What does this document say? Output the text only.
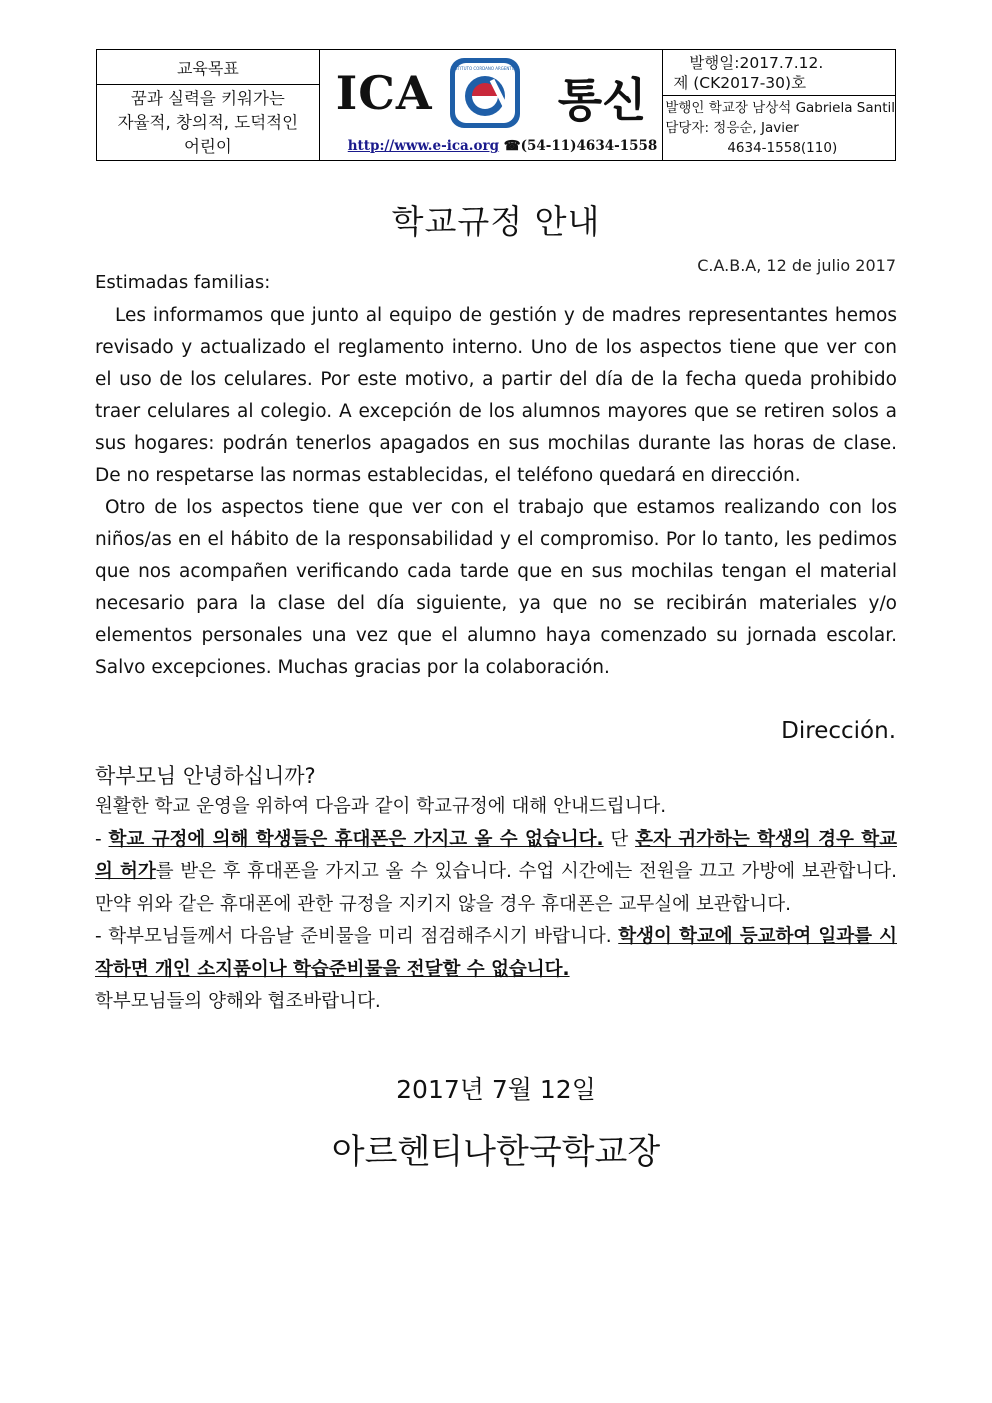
교육목표
꿈과 실력을 키워가는
자율적, 창의적, 도덕적인
어린이
ICA	INSTITUTO CORDANO ARGENTINO
통신
http://www.e-ica.org ☎(54-11)4634-1558
발행일:2017.7.12.
제 (CK2017-30)호
발행인 학교장 남상석 Gabriela Santil
담당자: 정응순, Javier
4634-1558(110)
학교규정 안내
C.A.B.A, 12 de julio 2017
Estimadas familias:

Les informamos que junto al equipo de gestión y de madres representantes hemos revisado y actualizado el reglamento interno. Uno de los aspectos tiene que ver con el uso de los celulares. Por este motivo, a partir del día de la fecha queda prohibido traer celulares al colegio. A excepción de los alumnos mayores que se retiren solos a sus hogares: podrán tenerlos apagados en sus mochilas durante las horas de clase. De no respetarse las normas establecidas, el teléfono quedará en dirección.

Otro de los aspectos tiene que ver con el trabajo que estamos realizando con los niños/as en el hábito de la responsabilidad y el compromiso. Por lo tanto, les pedimos que nos acompañen verificando cada tarde que en sus mochilas tengan el material necesario para la clase del día siguiente, ya que no se recibirán materiales y/o elementos personales una vez que el alumno haya comenzado su jornada escolar. Salvo excepciones. Muchas gracias por la colaboración.

Dirección.
학부모님 안녕하십니까?

원활한 학교 운영을 위하여 다음과 같이 학교규정에 대해 안내드립니다.

- 학교 규정에 의해 학생들은 휴대폰은 가지고 올 수 없습니다. 단 혼자 귀가하는 학생의 경우 학교의 허가를 받은 후 휴대폰을 가지고 올 수 있습니다. 수업 시간에는 전원을 끄고 가방에 보관합니다. 만약 위와 같은 휴대폰에 관한 규정을 지키지 않을 경우 휴대폰은 교무실에 보관합니다.

- 학부모님들께서 다음날 준비물을 미리 점검해주시기 바랍니다. 학생이 학교에 등교하여 일과를 시작하면 개인 소지품이나 학습준비물을 전달할 수 없습니다.

학부모님들의 양해와 협조바랍니다.

2017년 7월 12일
아르헨티나한국학교장
